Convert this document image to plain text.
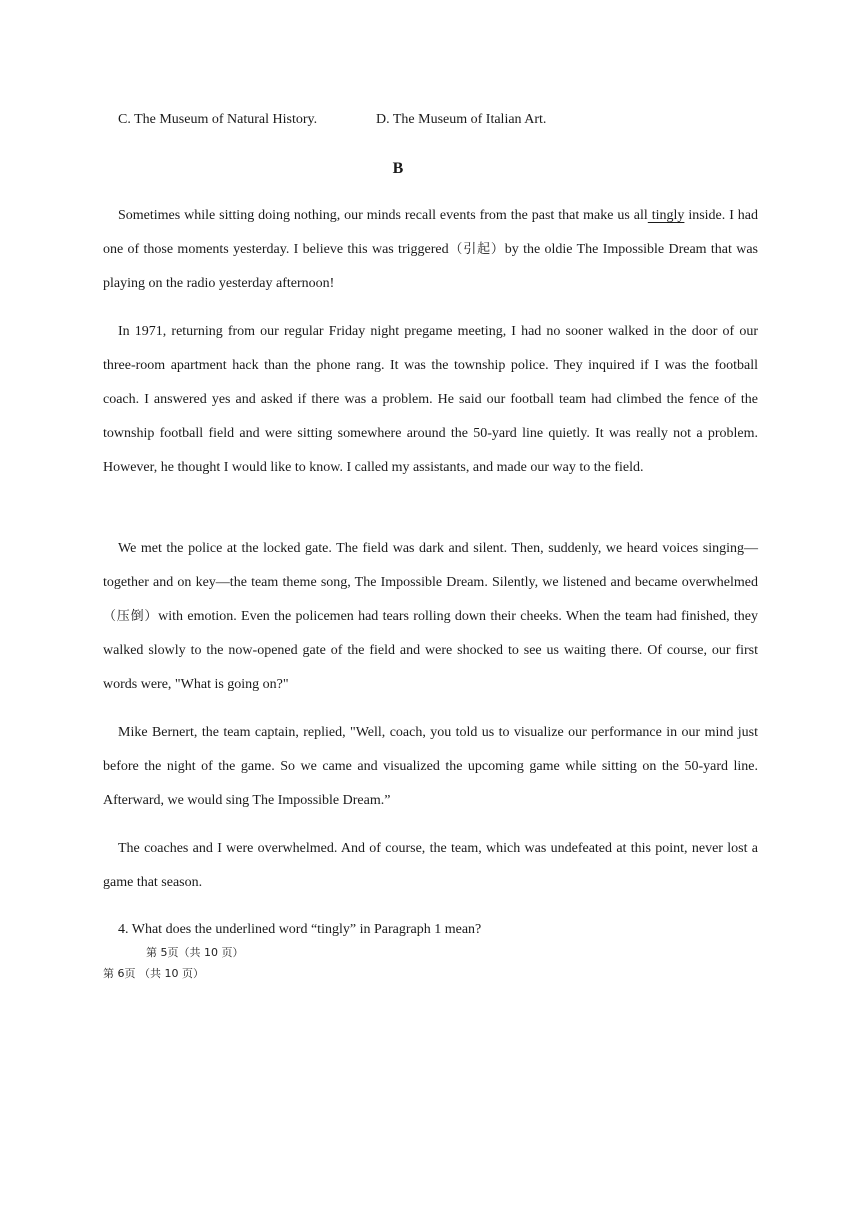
C. The Museum of Natural History.	D. The Museum of Italian Art.
B

Sometimes while sitting doing nothing, our minds recall events from the past that make us all tingly inside. I had one of those moments yesterday. I believe this was triggered（引起）by the oldie The Impossible Dream that was playing on the radio yesterday afternoon!

In 1971, returning from our regular Friday night pregame meeting, I had no sooner walked in the door of our three-room apartment hack than the phone rang. It was the township police. They inquired if I was the football coach. I answered yes and asked if there was a problem. He said our football team had climbed the fence of the township football field and were sitting somewhere around the 50-yard line quietly. It was really not a problem. However, he thought I would like to know. I called my assistants, and made our way to the field.

We met the police at the locked gate. The field was dark and silent. Then, suddenly, we heard voices singing—together and on key—the team theme song, The Impossible Dream. Silently, we listened and became overwhelmed（压倒）with emotion. Even the policemen had tears rolling down their cheeks. When the team had finished, they walked slowly to the now-opened gate of the field and were shocked to see us waiting there. Of course, our first words were, "What is going on?"

Mike Bernert, the team captain, replied, "Well, coach, you told us to visualize our performance in our mind just before the night of the game. So we came and visualized the upcoming game while sitting on the 50-yard line. Afterward, we would sing The Impossible Dream.”

The coaches and I were overwhelmed. And of course, the team, which was undefeated at this point, never lost a game that season.

4. What does the underlined word “tingly” in Paragraph 1 mean?
第 5页（共 10 页）
第 6页 （共 10 页）
